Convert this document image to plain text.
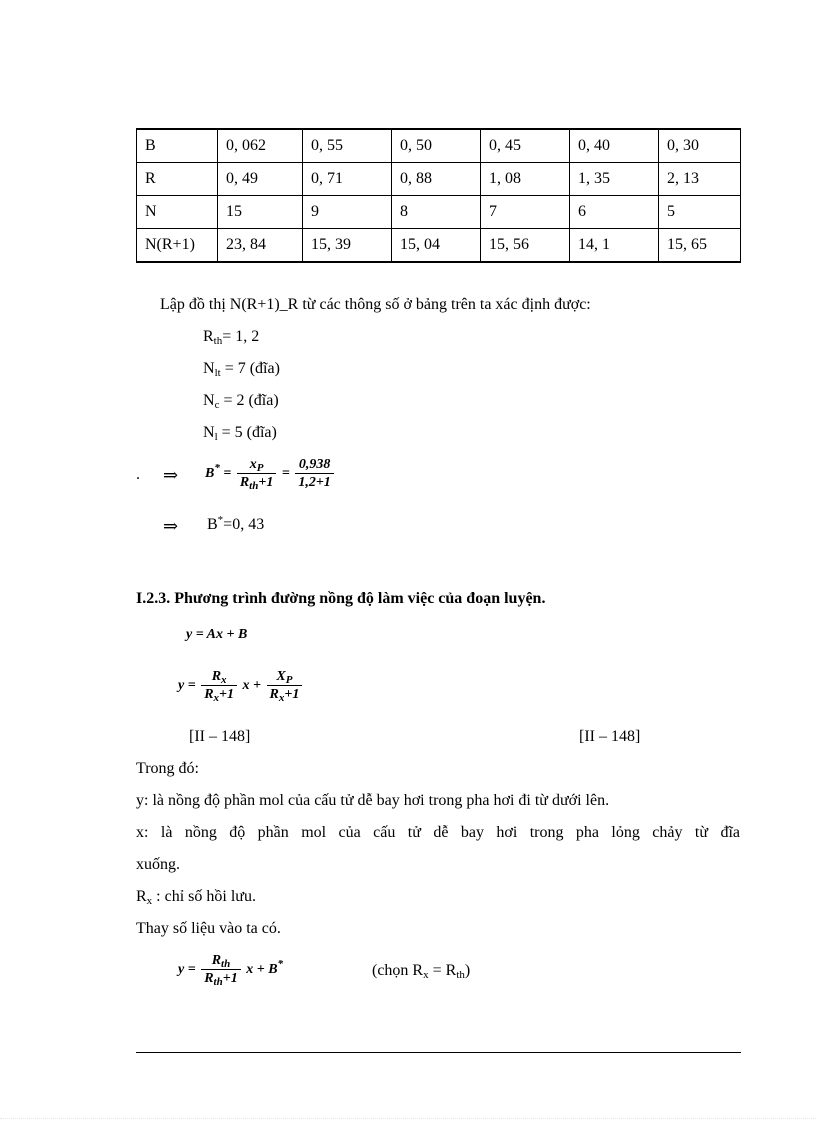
B	0, 062	0, 55	0, 50	0, 45	0, 40	0, 30
R	0, 49	0, 71	0, 88	1, 08	1, 35	2, 13
N	15	9	8	7	6	5
N(R+1)	23, 84	15, 39	15, 04	15, 56	14, 1	15, 65
Lập đồ thị N(R+1)_R từ các thông số ở bảng trên ta xác định được:
$R_{th}= 1$, 2
$N_{lt} = 7$ (đĩa)
$N_c = 2$ (đĩa)
$N_l = 5$ (đĩa)
. ⇒ $B^* = \frac{x_P}{R_{th}+1} = \frac{0,938}{1,2+1}$
⇒ B*=0, 43
I.2.3. Phương trình đường nồng độ làm việc của đoạn luyện.
y = Ax + B
$y = \frac{R_x}{R_x+1}$ $x + \frac{X_P}{R_x+1}$
[II – 148]	[II – 148]
Trong đó:
y: là nồng độ phần mol của cấu tử dễ bay hơi trong pha hơi đi từ dưới lên.
x: là nồng độ phần mol của cấu tử dễ bay hơi trong pha lỏng chảy từ đĩa
xuống.
$R_x$ : chỉ số hồi lưu.
Thay số liệu vào ta có.
$y = \frac{R_{th}}{R_{th}+1}$ x + B*	(chọn $R_x = R_{th}$)
